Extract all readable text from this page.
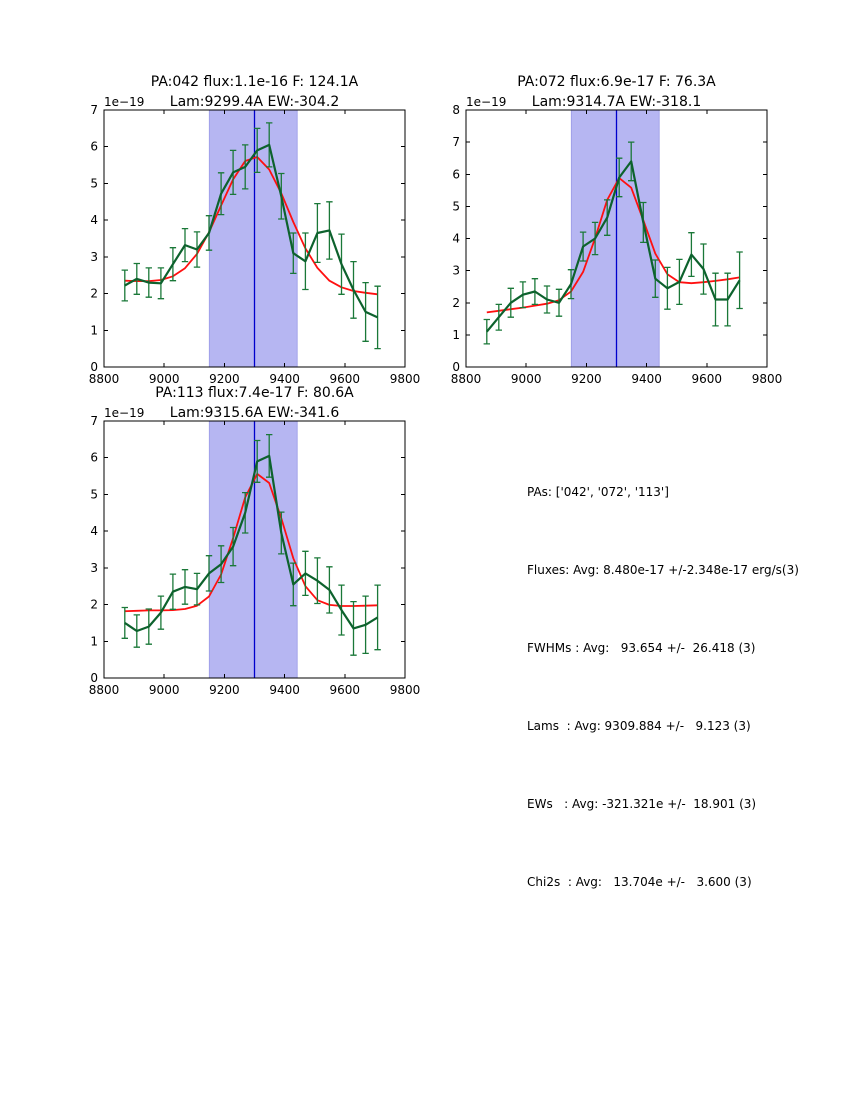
8800 9000 9200 9400 9600 9800
0
1
2
3
4
5
6
7
PA:042 flux:1.1e-16 F: 124.1A
Lam:9299.4A EW:-304.2
1e−19
8800 9000 9200 9400 9600 9800
0
1
2
3
4
5
6
7
8
PA:072 flux:6.9e-17 F: 76.3A
Lam:9314.7A EW:-318.1
1e−19
8800 9000 9200 9400 9600 9800
0
1
2
3
4
5
6
7
PA:113 flux:7.4e-17 F: 80.6A
Lam:9315.6A EW:-341.6
1e−19

PAs: ['042', '072', '113']

Fluxes: Avg: 8.480e-17 +/-2.348e-17 erg/s(3)

FWHMs : Avg:   93.654 +/-  26.418 (3)

Lams  : Avg: 9309.884 +/-   9.123 (3)

EWs   : Avg: -321.321e +/-  18.901 (3)

Chi2s  : Avg:   13.704e +/-   3.600 (3)
